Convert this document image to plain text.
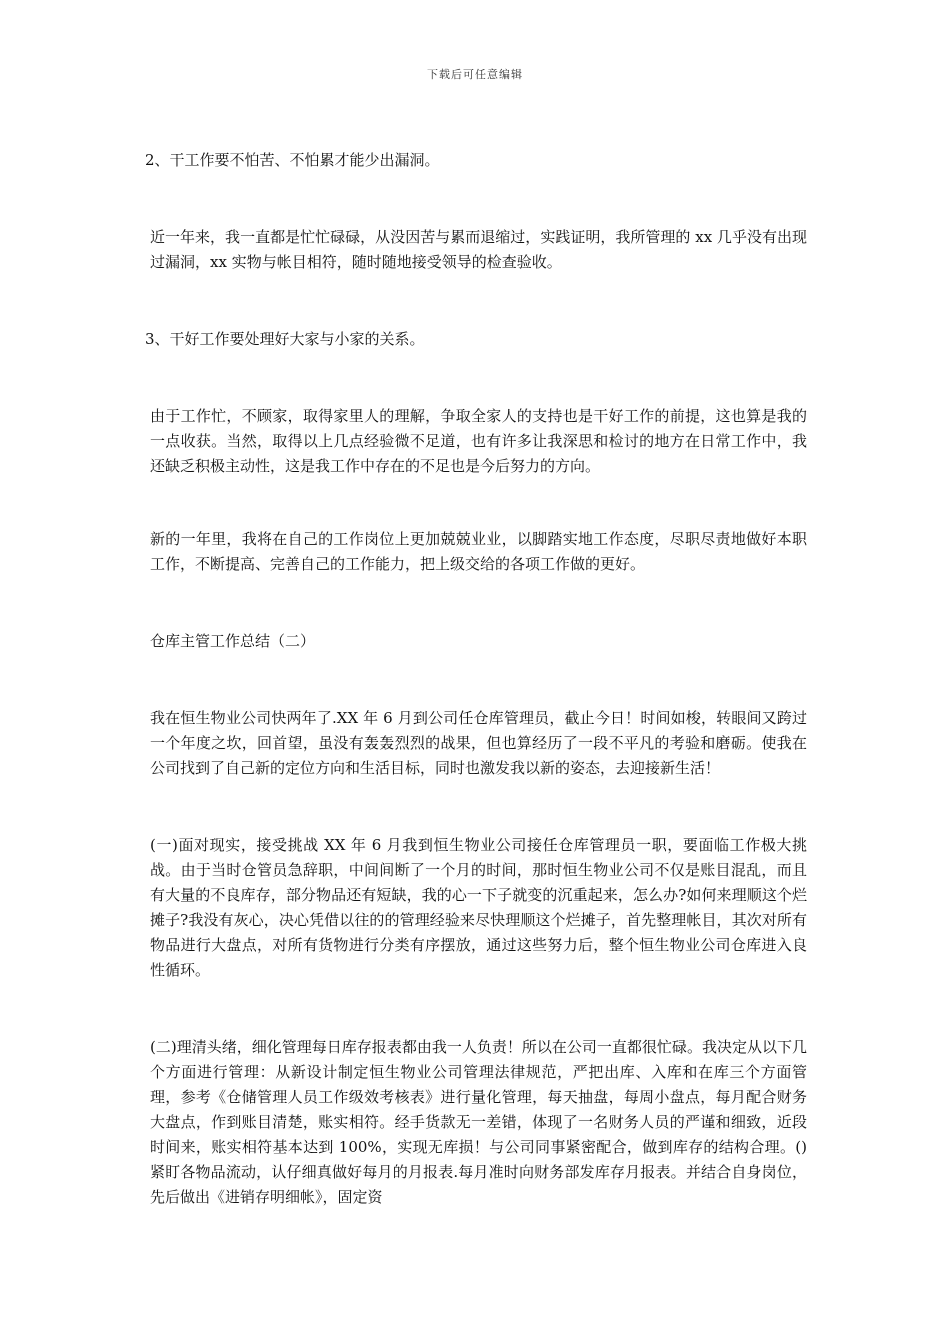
下载后可任意编辑

2、干工作要不怕苦、不怕累才能少出漏洞。

近一年来，我一直都是忙忙碌碌，从没因苦与累而退缩过，实践证明，我所管理的 xx 几乎没有出现过漏洞，xx 实物与帐目相符，随时随地接受领导的检查验收。

3、干好工作要处理好大家与小家的关系。

由于工作忙，不顾家，取得家里人的理解，争取全家人的支持也是干好工作的前提，这也算是我的一点收获。当然，取得以上几点经验微不足道，也有许多让我深思和检讨的地方在日常工作中，我还缺乏积极主动性，这是我工作中存在的不足也是今后努力的方向。

新的一年里，我将在自己的工作岗位上更加兢兢业业，以脚踏实地工作态度，尽职尽责地做好本职工作，不断提高、完善自己的工作能力，把上级交给的各项工作做的更好。

仓库主管工作总结（二）

我在恒生物业公司快两年了.XX 年 6 月到公司任仓库管理员，截止今日！时间如梭，转眼间又跨过一个年度之坎，回首望，虽没有轰轰烈烈的战果，但也算经历了一段不平凡的考验和磨砺。使我在公司找到了自己新的定位方向和生活目标，同时也激发我以新的姿态，去迎接新生活！

(一)面对现实，接受挑战 XX 年 6 月我到恒生物业公司接任仓库管理员一职，要面临工作极大挑战。由于当时仓管员急辞职，中间间断了一个月的时间，那时恒生物业公司不仅是账目混乱，而且有大量的不良库存，部分物品还有短缺，我的心一下子就变的沉重起来，怎么办?如何来理顺这个烂摊子?我没有灰心，决心凭借以往的的管理经验来尽快理顺这个烂摊子，首先整理帐目，其次对所有物品进行大盘点，对所有货物进行分类有序摆放，通过这些努力后，整个恒生物业公司仓库进入良性循环。

(二)理清头绪，细化管理每日库存报表都由我一人负责！所以在公司一直都很忙碌。我决定从以下几个方面进行管理：从新设计制定恒生物业公司管理法律规范，严把出库、入库和在库三个方面管理，参考《仓储管理人员工作级效考核表》进行量化管理，每天抽盘，每周小盘点，每月配合财务大盘点，作到账目清楚，账实相符。经手货款无一差错，体现了一名财务人员的严谨和细致，近段时间来，账实相符基本达到 100%，实现无库损！与公司同事紧密配合，做到库存的结构合理。()紧盯各物品流动，认仔细真做好每月的月报表.每月准时向财务部发库存月报表。并结合自身岗位，先后做出《进销存明细帐》，固定资
